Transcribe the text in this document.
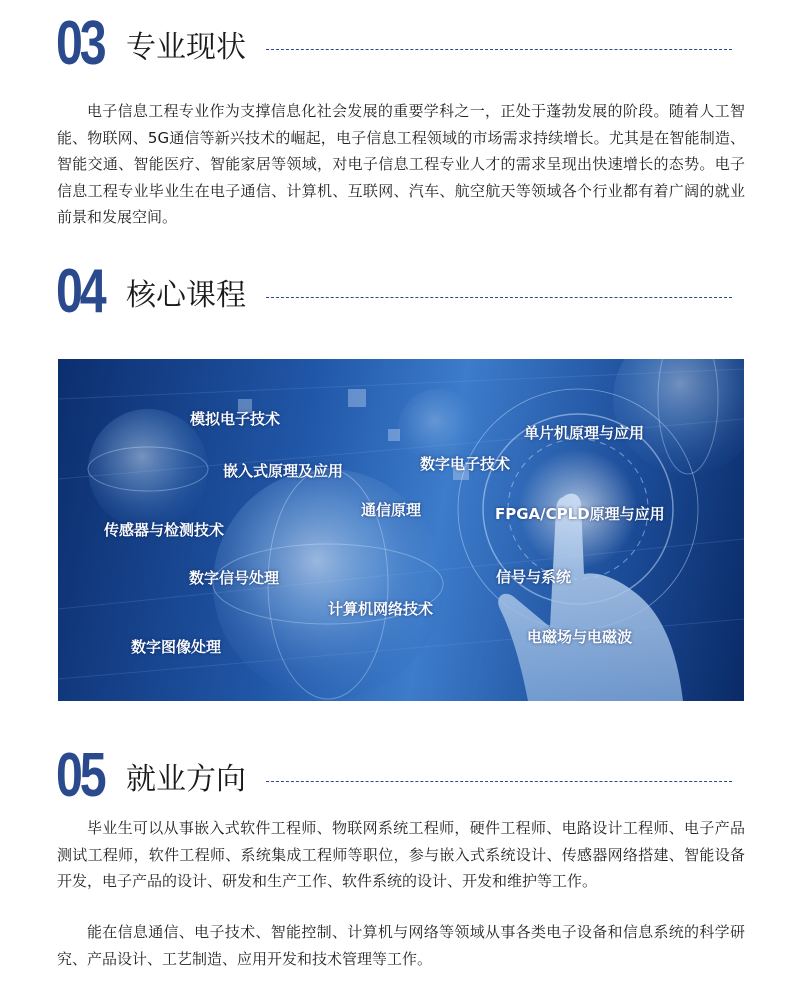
03 专业现状

电子信息工程专业作为支撑信息化社会发展的重要学科之一，正处于蓬勃发展的阶段。随着人工智能、物联网、5G通信等新兴技术的崛起，电子信息工程领域的市场需求持续增长。尤其是在智能制造、智能交通、智能医疗、智能家居等领域，对电子信息工程专业人才的需求呈现出快速增长的态势。电子信息工程专业毕业生在电子通信、计算机、互联网、汽车、航空航天等领域各个行业都有着广阔的就业前景和发展空间。

04 核心课程
模拟电子技术
单片机原理与应用
嵌入式原理及应用	数字电子技术
通信原理	FPGA/CPLD原理与应用
传感器与检测技术
数字信号处理	信号与系统
计算机网络技术
电磁场与电磁波
数字图像处理
05 就业方向

毕业生可以从事嵌入式软件工程师、物联网系统工程师，硬件工程师、电路设计工程师、电子产品测试工程师，软件工程师、系统集成工程师等职位，参与嵌入式系统设计、传感器网络搭建、智能设备开发，电子产品的设计、研发和生产工作、软件系统的设计、开发和维护等工作。

能在信息通信、电子技术、智能控制、计算机与网络等领域从事各类电子设备和信息系统的科学研究、产品设计、工艺制造、应用开发和技术管理等工作。
